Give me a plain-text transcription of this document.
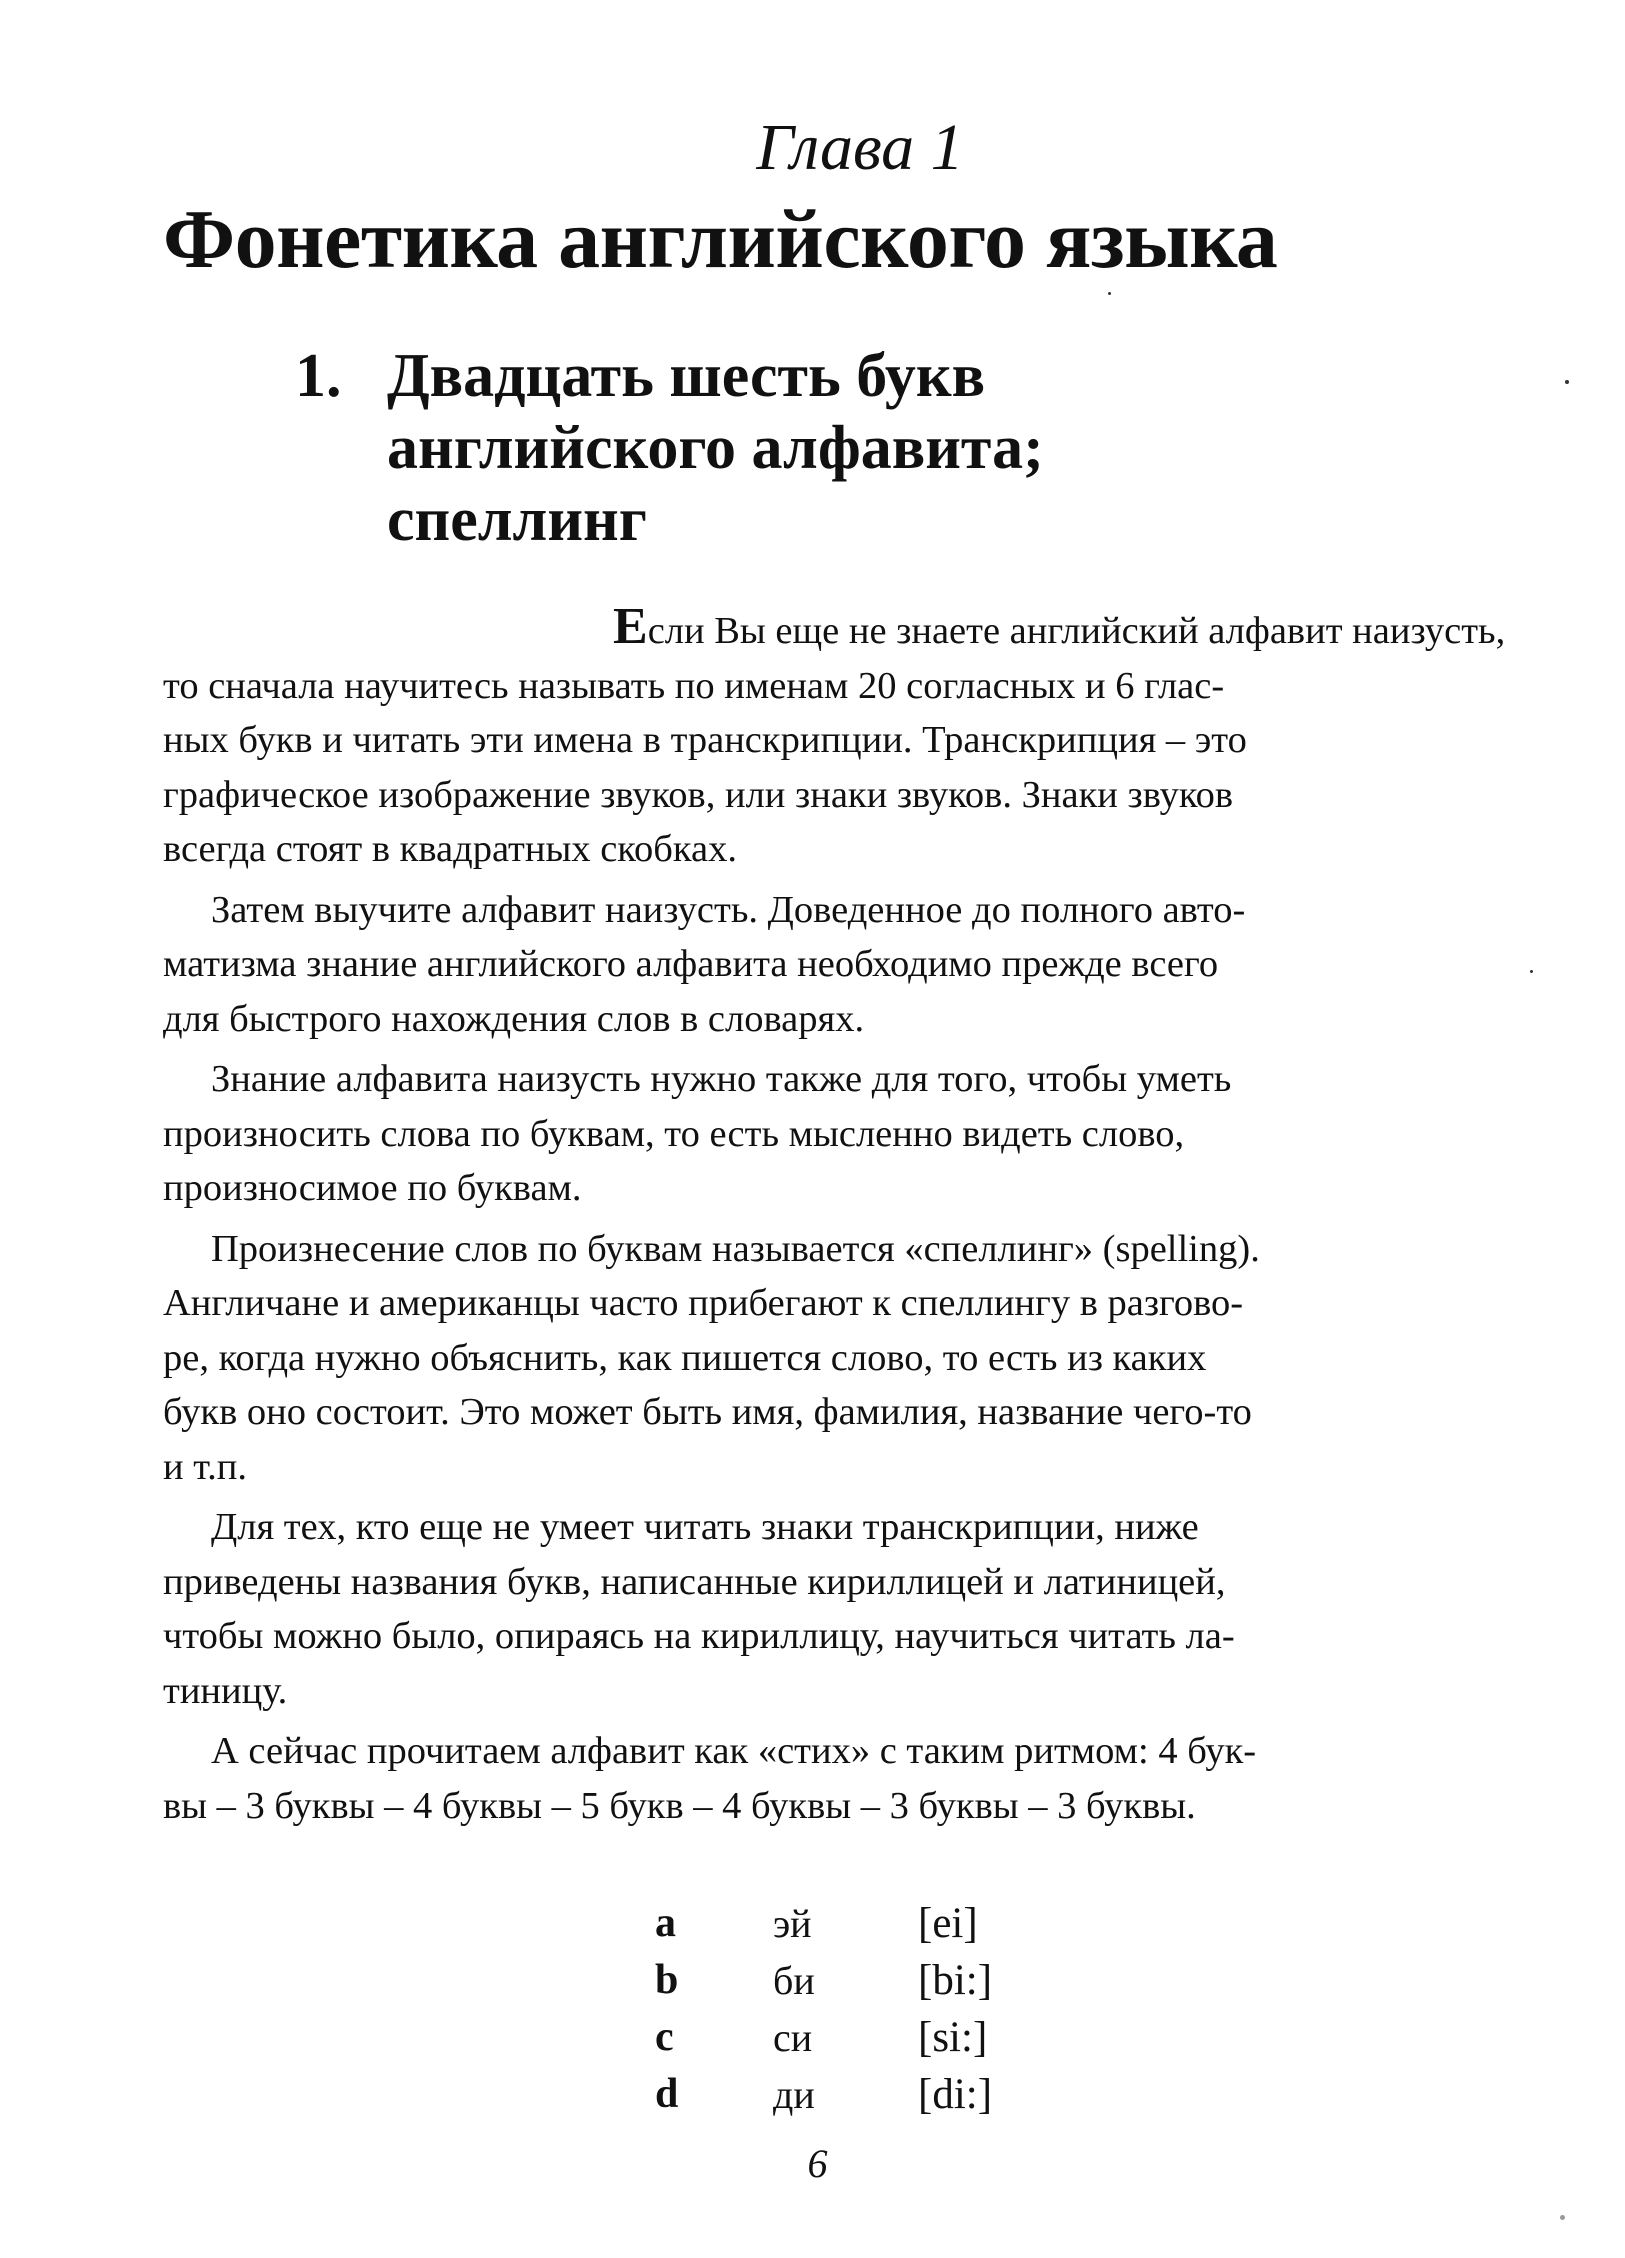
Глава 1
Фонетика английского языка
1. Двадцать шесть букв
английского алфавита;
спеллинг
Если Вы еще не знаете английский алфавит наизусть,
то сначала научитесь называть по именам 20 согласных и 6 глас-
ных букв и читать эти имена в транскрипции. Транскрипция – это
графическое изображение звуков, или знаки звуков. Знаки звуков
всегда стоят в квадратных скобках.
Затем выучите алфавит наизусть. Доведенное до полного авто-
матизма знание английского алфавита необходимо прежде всего
для быстрого нахождения слов в словарях.
Знание алфавита наизусть нужно также для того, чтобы уметь
произносить слова по буквам, то есть мысленно видеть слово,
произносимое по буквам.
Произнесение слов по буквам называется «спеллинг» (spelling).
Англичане и американцы часто прибегают к спеллингу в разгово-
ре, когда нужно объяснить, как пишется слово, то есть из каких
букв оно состоит. Это может быть имя, фамилия, название чего-то
и т.п.
Для тех, кто еще не умеет читать знаки транскрипции, ниже
приведены названия букв, написанные кириллицей и латиницей,
чтобы можно было, опираясь на кириллицу, научиться читать ла-
тиницу.
А сейчас прочитаем алфавит как «стих» с таким ритмом: 4 бук-
вы – 3 буквы – 4 буквы – 5 букв – 4 буквы – 3 буквы – 3 буквы.
a эй [ei]
b би [bi:]
c си [si:]
d ди [di:]
6
